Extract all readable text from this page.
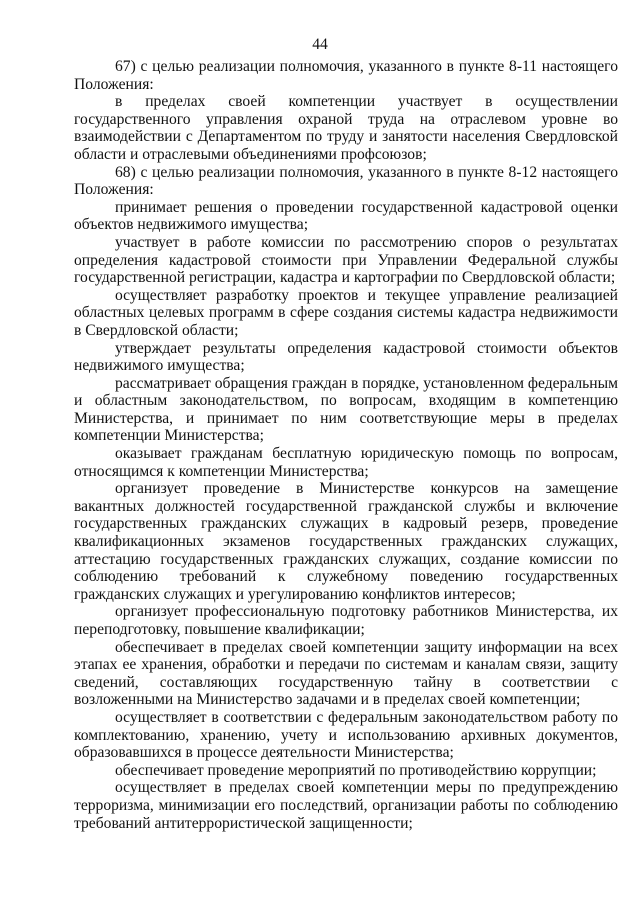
44

67) с целью реализации полномочия, указанного в пункте 8-11 настоящего Положения:

в пределах своей компетенции участвует в осуществлении государственного управления охраной труда на отраслевом уровне во взаимодействии с Департаментом по труду и занятости населения Свердловской области и отраслевыми объединениями профсоюзов;

68) с целью реализации полномочия, указанного в пункте 8-12 настоящего Положения:

принимает решения о проведении государственной кадастровой оценки объектов недвижимого имущества;

участвует в работе комиссии по рассмотрению споров о результатах определения кадастровой стоимости при Управлении Федеральной службы государственной регистрации, кадастра и картографии по Свердловской области;

осуществляет разработку проектов и текущее управление реализацией областных целевых программ в сфере создания системы кадастра недвижимости в Свердловской области;

утверждает результаты определения кадастровой стоимости объектов недвижимого имущества;

рассматривает обращения граждан в порядке, установленном федеральным и областным законодательством, по вопросам, входящим в компетенцию Министерства, и принимает по ним соответствующие меры в пределах компетенции Министерства;

оказывает гражданам бесплатную юридическую помощь по вопросам, относящимся к компетенции Министерства;

организует проведение в Министерстве конкурсов на замещение вакантных должностей государственной гражданской службы и включение государственных гражданских служащих в кадровый резерв, проведение квалификационных экзаменов государственных гражданских служащих, аттестацию государственных гражданских служащих, создание комиссии по соблюдению требований к служебному поведению государственных гражданских служащих и урегулированию конфликтов интересов;

организует профессиональную подготовку работников Министерства, их переподготовку, повышение квалификации;

обеспечивает в пределах своей компетенции защиту информации на всех этапах ее хранения, обработки и передачи по системам и каналам связи, защиту сведений, составляющих государственную тайну в соответствии с возложенными на Министерство задачами и в пределах своей компетенции;

осуществляет в соответствии с федеральным законодательством работу по комплектованию, хранению, учету и использованию архивных документов, образовавшихся в процессе деятельности Министерства;

обеспечивает проведение мероприятий по противодействию коррупции;

осуществляет в пределах своей компетенции меры по предупреждению терроризма, минимизации его последствий, организации работы по соблюдению требований антитеррористической защищенности;
